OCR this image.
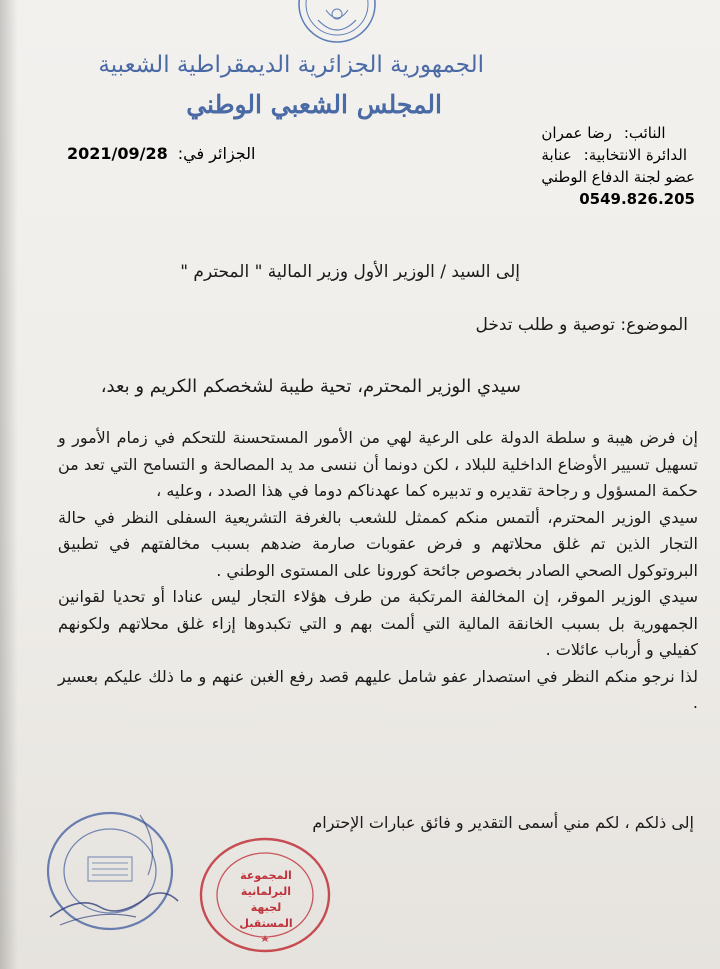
الجمهورية الجزائرية الديمقراطية الشعبية
المجلس الشعبي الوطني
النائب:
رضا عمران
الدائرة الانتخابية:
عنابة
عضو لجنة الدفاع الوطني
0549.826.205
2021/09/28 الجزائر في:
إلى السيد / الوزير الأول وزير المالية " المحترم "
الموضوع: توصية و طلب تدخل
سيدي الوزير المحترم، تحية طيبة لشخصكم الكريم و بعد،

إن فرض هيبة و سلطة الدولة على الرعية لهي من الأمور المستحسنة للتحكم في زمام الأمور و تسهيل تسيير الأوضاع الداخلية للبلاد ، لكن دونما أن ننسى مد يد المصالحة و التسامح التي تعد من حكمة المسؤول و رجاحة تقديره و تدبيره كما عهدناكم دوما في هذا الصدد ، وعليه ،

سيدي الوزير المحترم، ألتمس منكم كممثل للشعب بالغرفة التشريعية السفلى النظر في حالة التجار الذين تم غلق محلاتهم و فرض عقوبات صارمة ضدهم بسبب مخالفتهم في تطبيق البروتوكول الصحي الصادر بخصوص جائحة كورونا على المستوى الوطني .

سيدي الوزير الموقر، إن المخالفة المرتكبة من طرف هؤلاء التجار ليس عنادا أو تحديا لقوانين الجمهورية بل بسبب الخانقة المالية التي ألمت بهم و التي تكبدوها إزاء غلق محلاتهم ولكونهم كفيلي و أرباب عائلات .

لذا نرجو منكم النظر في استصدار عفو شامل عليهم قصد رفع الغبن عنهم و ما ذلك عليكم بعسير .

إلى ذلكم ، لكم مني أسمى التقدير و فائق عبارات الإحترام
المجموعة البرلمانية لجبهة المستقبل
